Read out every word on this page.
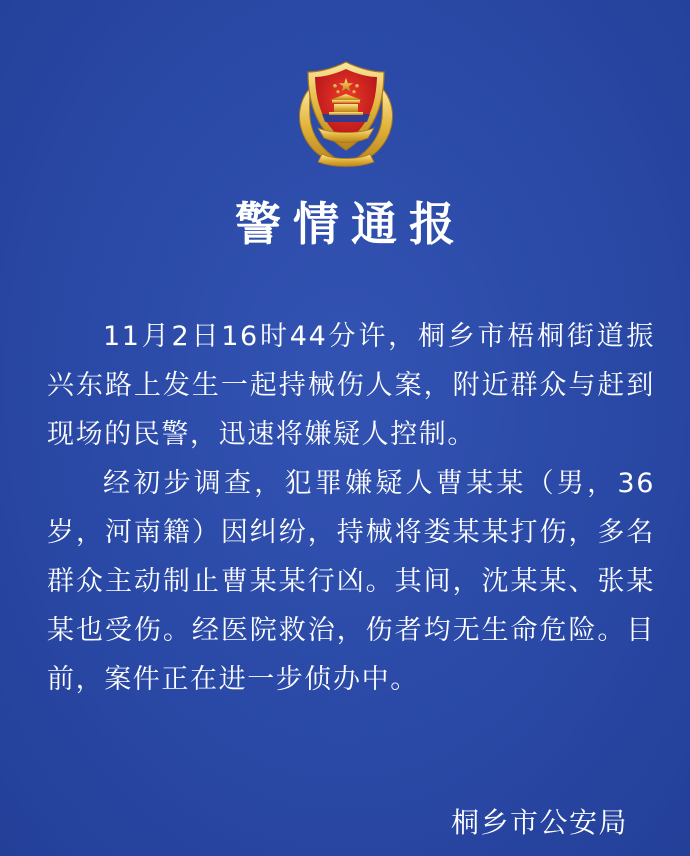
警情通报

11月2日16时44分许，桐乡市梧桐街道振兴东路上发生一起持械伤人案，附近群众与赶到现场的民警，迅速将嫌疑人控制。

经初步调查，犯罪嫌疑人曹某某（男，36岁，河南籍）因纠纷，持械将娄某某打伤，多名群众主动制止曹某某行凶。其间，沈某某、张某某也受伤。经医院救治，伤者均无生命危险。目前，案件正在进一步侦办中。

桐乡市公安局
